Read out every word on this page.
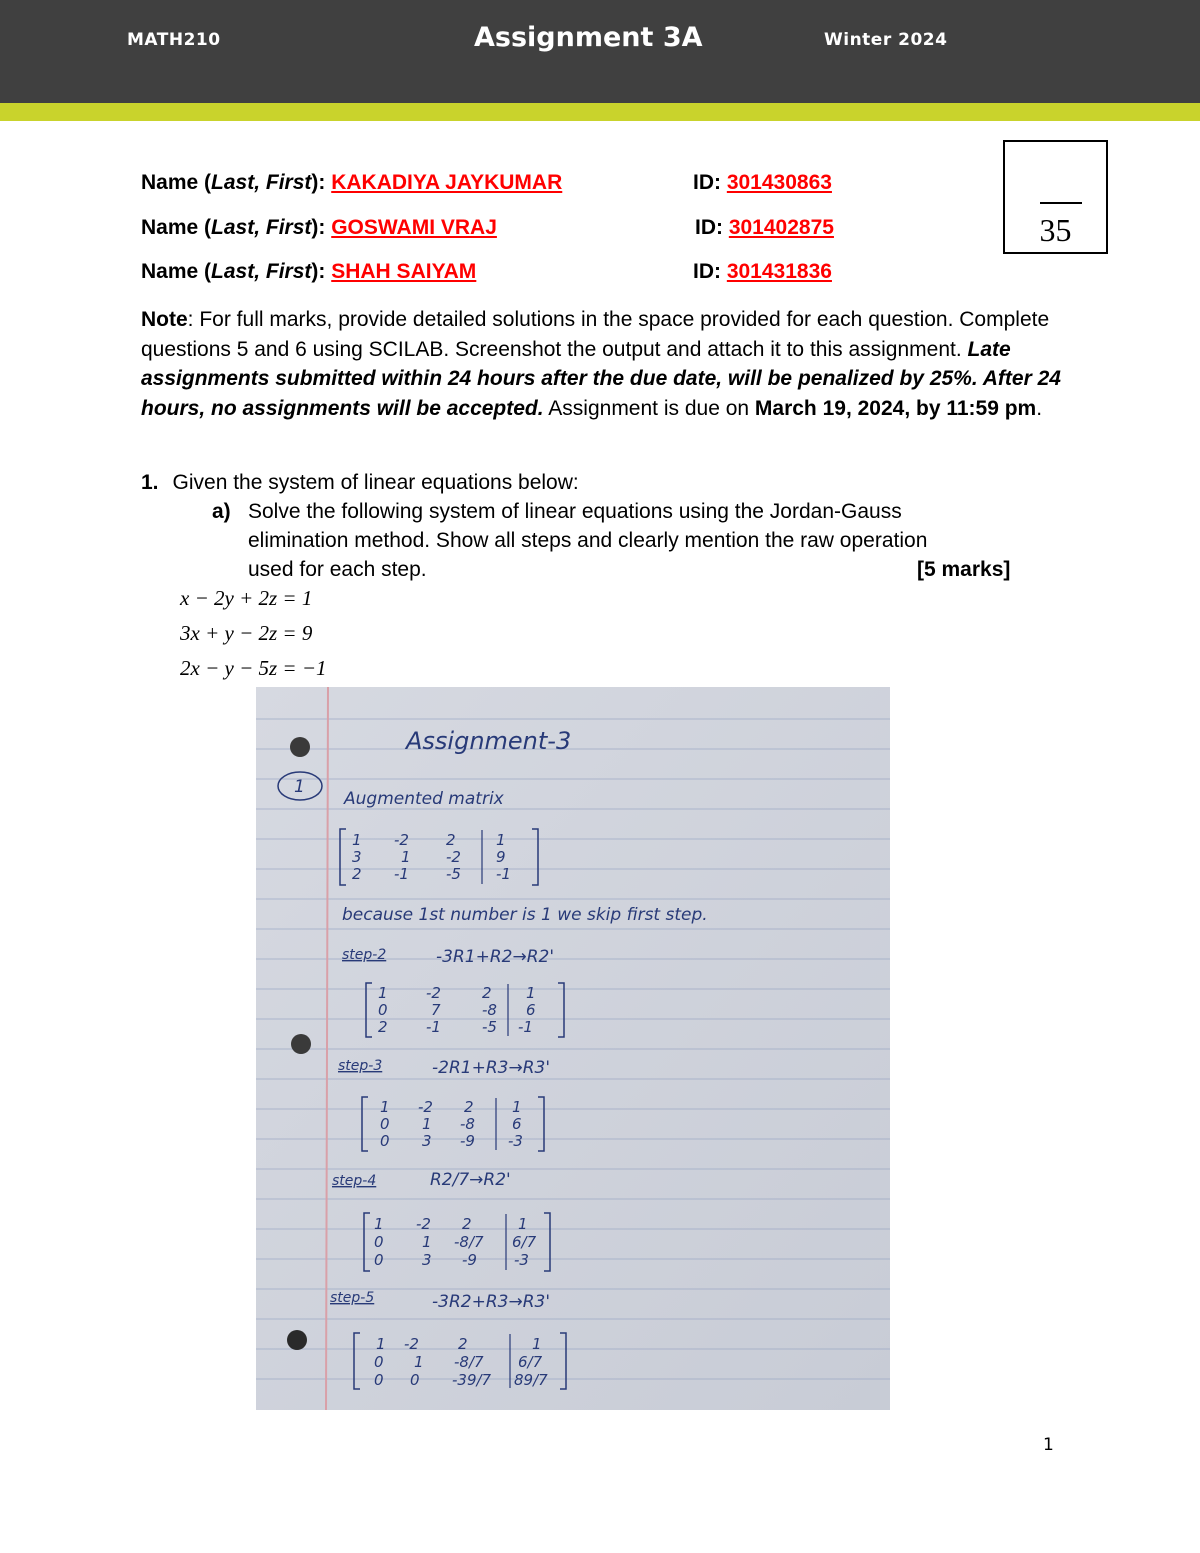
MATH210	Assignment 3A	Winter 2024
35
Name (Last, First): KAKADIYA JAYKUMAR	ID: 301430863
Name (Last, First): GOSWAMI VRAJ	ID: 301402875
Name (Last, First): SHAH SAIYAM	ID: 301431836
Note: For full marks, provide detailed solutions in the space provided for each question. Complete questions 5 and 6 using SCILAB. Screenshot the output and attach it to this assignment. Late assignments submitted within 24 hours after the due date, will be penalized by 25%. After 24 hours, no assignments will be accepted. Assignment is due on March 19, 2024, by 11:59 pm.
1. Given the system of linear equations below:
a) Solve the following system of linear equations using the Jordan-Gauss
elimination method. Show all steps and clearly mention the raw operation
used for each step.	[5 marks]
x − 2y + 2z = 1
3x + y − 2z = 9
2x − y − 5z = −1
Assignment-3
1
Augmented matrix
1 -2 2	1
3	1 -2 9
2 -1 -5 -1
because 1st number is 1 we skip first step.
step-2	-3R1+R2→R2'
1	-2	2 1
0	7	-8 6
2	-1	-5 -1
step-3	-2R1+R3→R3'
1 -2 2	1
0 1 -8 6
0 3 -9 -3
step-4	R2/7→R2'
1 -2 2	1
0	1 -8/7 6/7
0	3 -9 -3
step-5	-3R2+R3→R3'
1 -2	2	1
0 1 -8/7 6/7
0 0 -39/7 89/7
1
